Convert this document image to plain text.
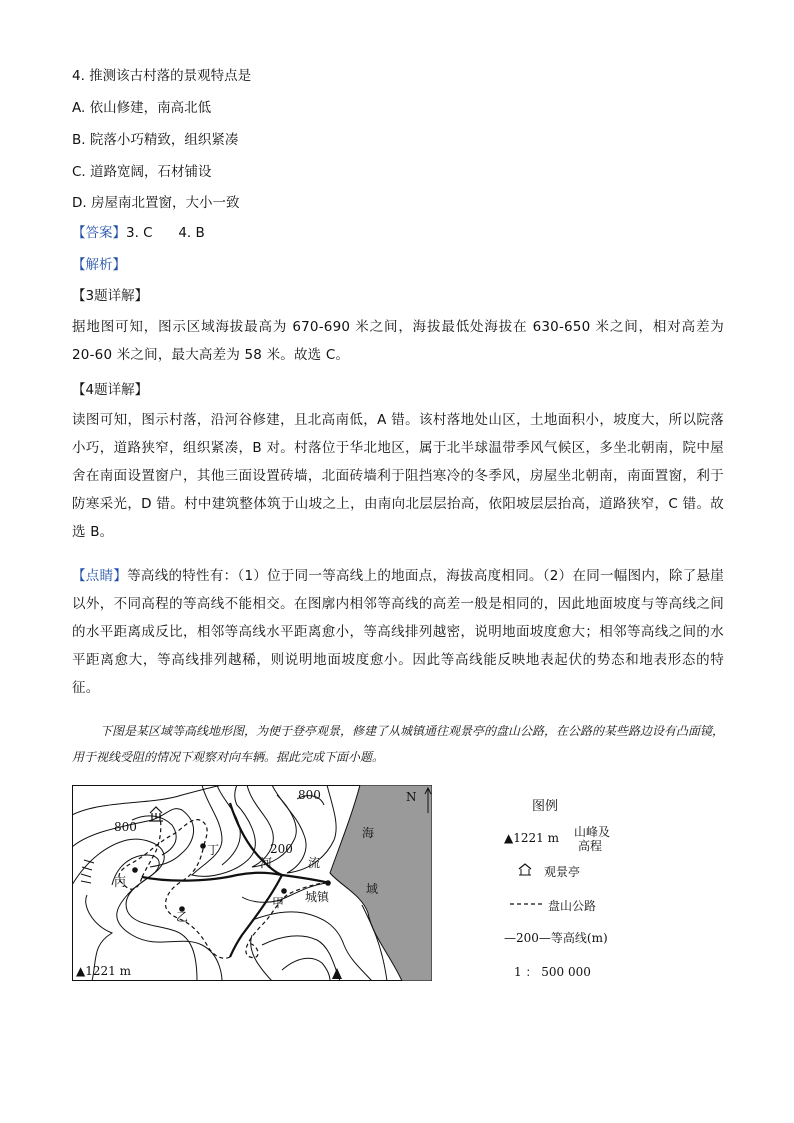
4. 推测该古村落的景观特点是
A. 依山修建，南高北低
B. 院落小巧精致，组织紧凑
C. 道路宽阔，石材铺设
D. 房屋南北置窗，大小一致
【答案】3. C      4. B
【解析】
【3题详解】
据地图可知，图示区域海拔最高为 670-690 米之间，海拔最低处海拔在 630-650 米之间，相对高差为 20-60 米之间，最大高差为 58 米。故选 C。
【4题详解】
读图可知，图示村落，沿河谷修建，且北高南低，A 错。该村落地处山区，土地面积小，坡度大，所以院落小巧，道路狭窄，组织紧凑，B 对。村落位于华北地区，属于北半球温带季风气候区，多坐北朝南，院中屋舍在南面设置窗户，其他三面设置砖墙，北面砖墙利于阻挡寒冷的冬季风，房屋坐北朝南，南面置窗，利于防寒采光，D 错。村中建筑整体筑于山坡之上，由南向北层层抬高，依阳坡层层抬高，道路狭窄，C 错。故选 B。
【点睛】等高线的特性有：（1）位于同一等高线上的地面点，海拔高度相同。（2）在同一幅图内，除了悬崖以外，不同高程的等高线不能相交。在图廓内相邻等高线的高差一般是相同的，因此地面坡度与等高线之间的水平距离成反比，相邻等高线水平距离愈小，等高线排列越密，说明地面坡度愈大；相邻等高线之间的水平距离愈大，等高线排列越稀，则说明地面坡度愈小。因此等高线能反映地表起伏的势态和地表形态的特征。
下图是某区域等高线地形图，为便于登亭观景，修建了从城镇通往观景亭的盘山公路，在公路的某些路边设有凸面镜，用于视线受阻的情况下观察对向车辆。据此完成下面小题。
800
800
200
丁
丙
乙
甲
河	流
城镇
海
域
N
▲1221 m
图例
▲1221 m 山峰及
高程
观景亭
盘山公路
—200—等高线(m)
1 ： 500 000
